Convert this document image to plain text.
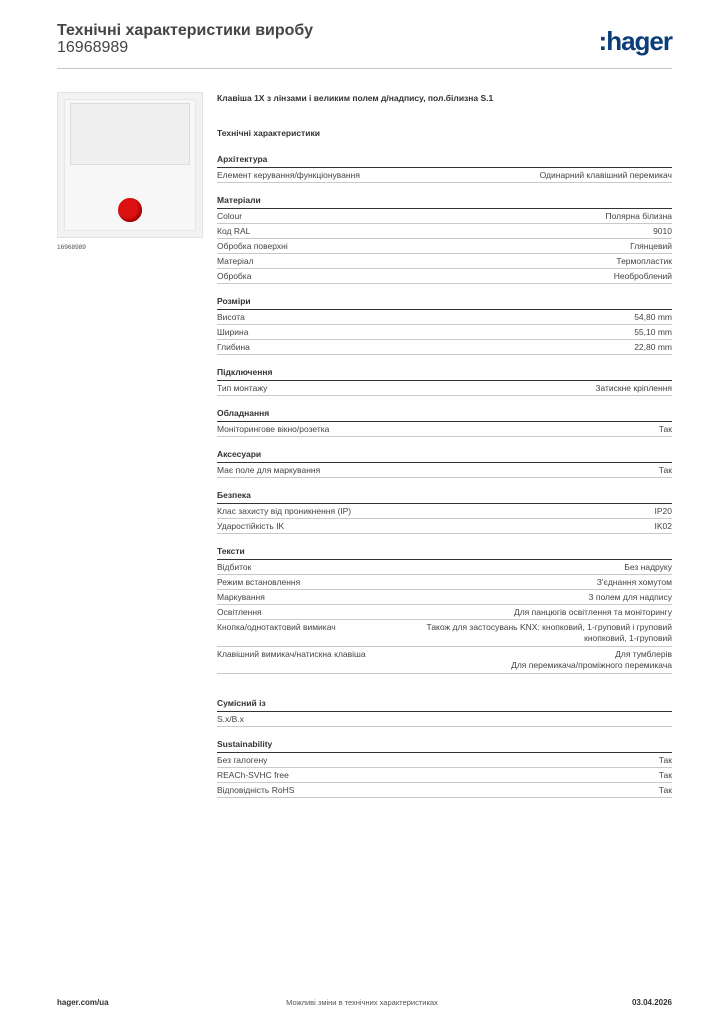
Технічні характеристики виробу
16968989	:hager
16968989
Клавіша 1X з лінзами і великим полем д/надпису, пол.білизна S.1
Технічні характеристики
Архітектура
Елемент керування/функціонування	Одинарний клавішний перемикач
Матеріали
Colour	Полярна білизна
Код RAL	9010
Обробка поверхні	Глянцевий
Матеріал	Термопластик
Обробка	Необроблений
Розміри
Висота	54,80 mm
Ширина	55,10 mm
Глибина	22,80 mm
Підключення
Тип монтажу	Затискне кріплення
Обладнання
Моніторингове вікно/розетка	Так
Аксесуари
Має поле для маркування	Так
Безпека
Клас захисту від проникнення (IP)	IP20
Ударостійкість IK	IK02
Тексти
Відбиток	Без надруку
Режим встановлення	З'єднання хомутом
Маркування	З полем для надпису
Освітлення	Для панцюгів освітлення та моніторингу
Кнопка/однотактовий вимикач	Також для застосувань KNX: кнопковий, 1-груповий і груповий
кнопковий, 1-груповий
Клавішний вимикач/натискна клавіша	Для тумблерів
Для перемикача/проміжного перемикача
Сумісний із
S.x/B.x
Sustainability
Без галогену	Так
REACh-SVHC free	Так
Відповідність RoHS	Так
hager.com/ua	Можливі зміни в технічних характеристиках	03.04.2026
